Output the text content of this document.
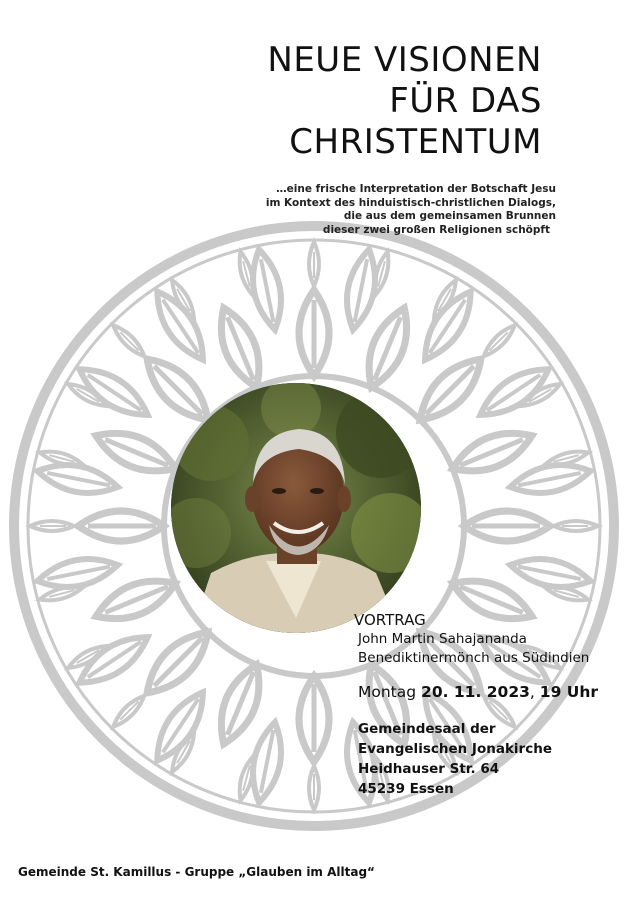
NEUE VISIONEN
FÜR DAS
CHRISTENTUM
…eine frische Interpretation der Botschaft Jesu
im Kontext des hinduistisch-christlichen Dialogs,
die aus dem gemeinsamen Brunnen
dieser zwei großen Religionen schöpft
VORTRAG
John Martin Sahajananda
Benediktinermönch aus Südindien
Montag 20. 11. 2023, 19 Uhr
Gemeindesaal der
Evangelischen Jonakirche
Heidhauser Str. 64
45239 Essen
Gemeinde St. Kamillus - Gruppe „Glauben im Alltag“
